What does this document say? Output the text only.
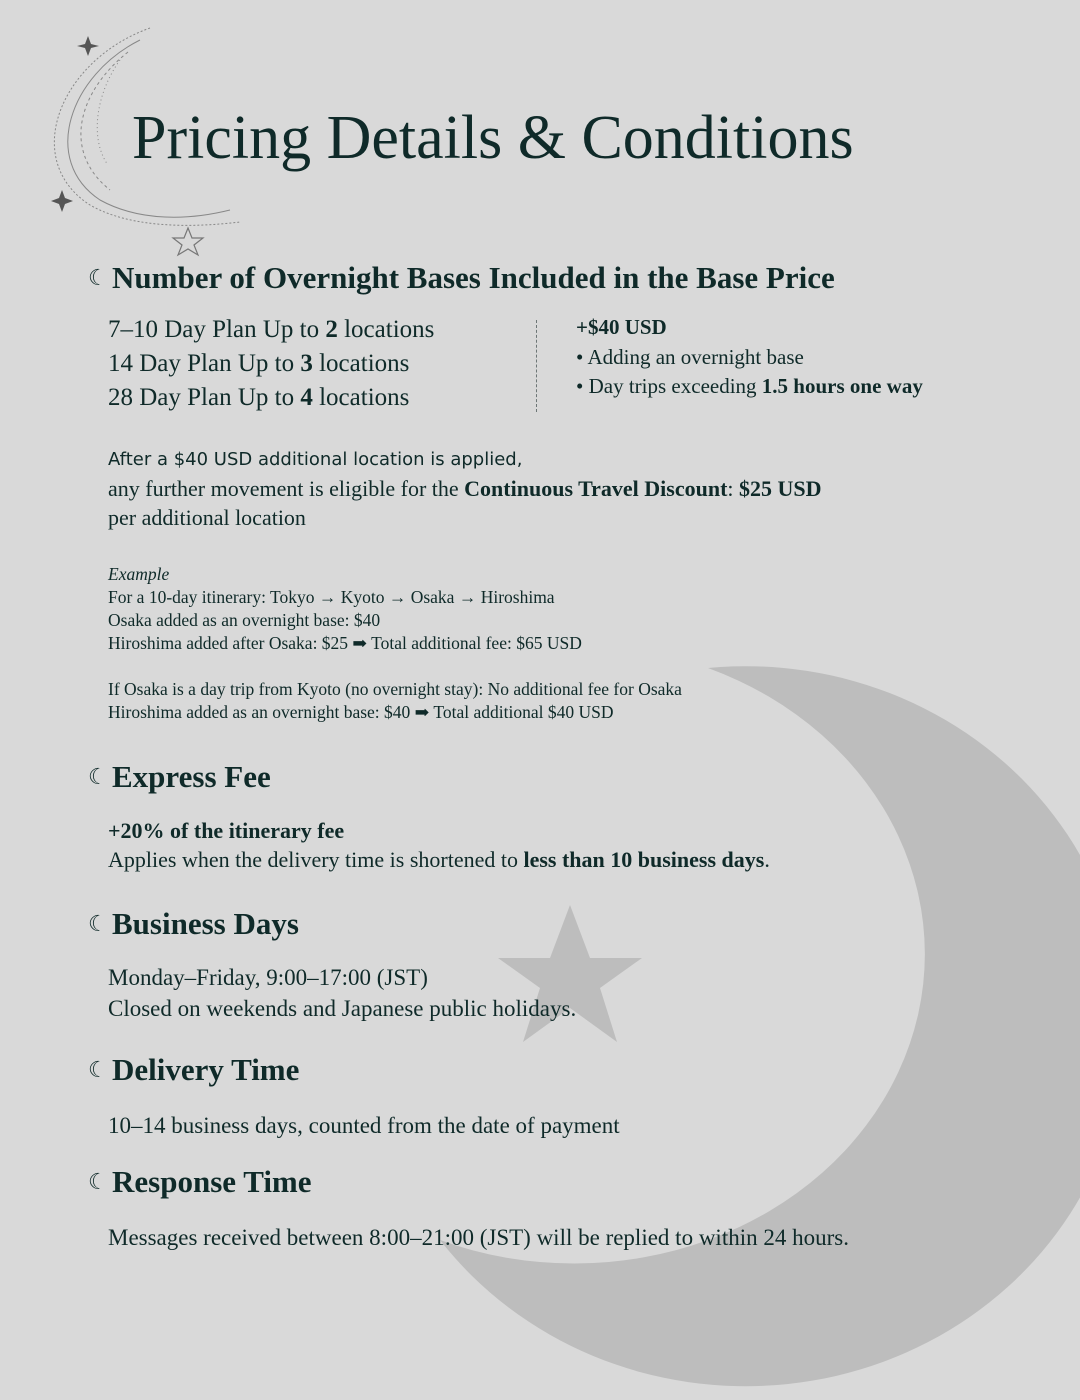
Pricing Details & Conditions
☾ Number of Overnight Bases Included in the Base Price
7–10 Day Plan Up to 2 locations
14 Day Plan Up to 3 locations
28 Day Plan Up to 4 locations
+$40 USD
• Adding an overnight base
• Day trips exceeding 1.5 hours one way
After a $40 USD additional location is applied,
any further movement is eligible for the Continuous Travel Discount: $25 USD
per additional location
Example
For a 10-day itinerary: Tokyo → Kyoto → Osaka → Hiroshima
Osaka added as an overnight base: $40
Hiroshima added after Osaka: $25 ➡ Total additional fee: $65 USD
If Osaka is a day trip from Kyoto (no overnight stay): No additional fee for Osaka
Hiroshima added as an overnight base: $40 ➡ Total additional $40 USD
☾ Express Fee
+20% of the itinerary fee
Applies when the delivery time is shortened to less than 10 business days.
☾ Business Days
Monday–Friday, 9:00–17:00 (JST)
Closed on weekends and Japanese public holidays.
☾ Delivery Time
10–14 business days, counted from the date of payment
☾ Response Time
Messages received between 8:00–21:00 (JST) will be replied to within 24 hours.
